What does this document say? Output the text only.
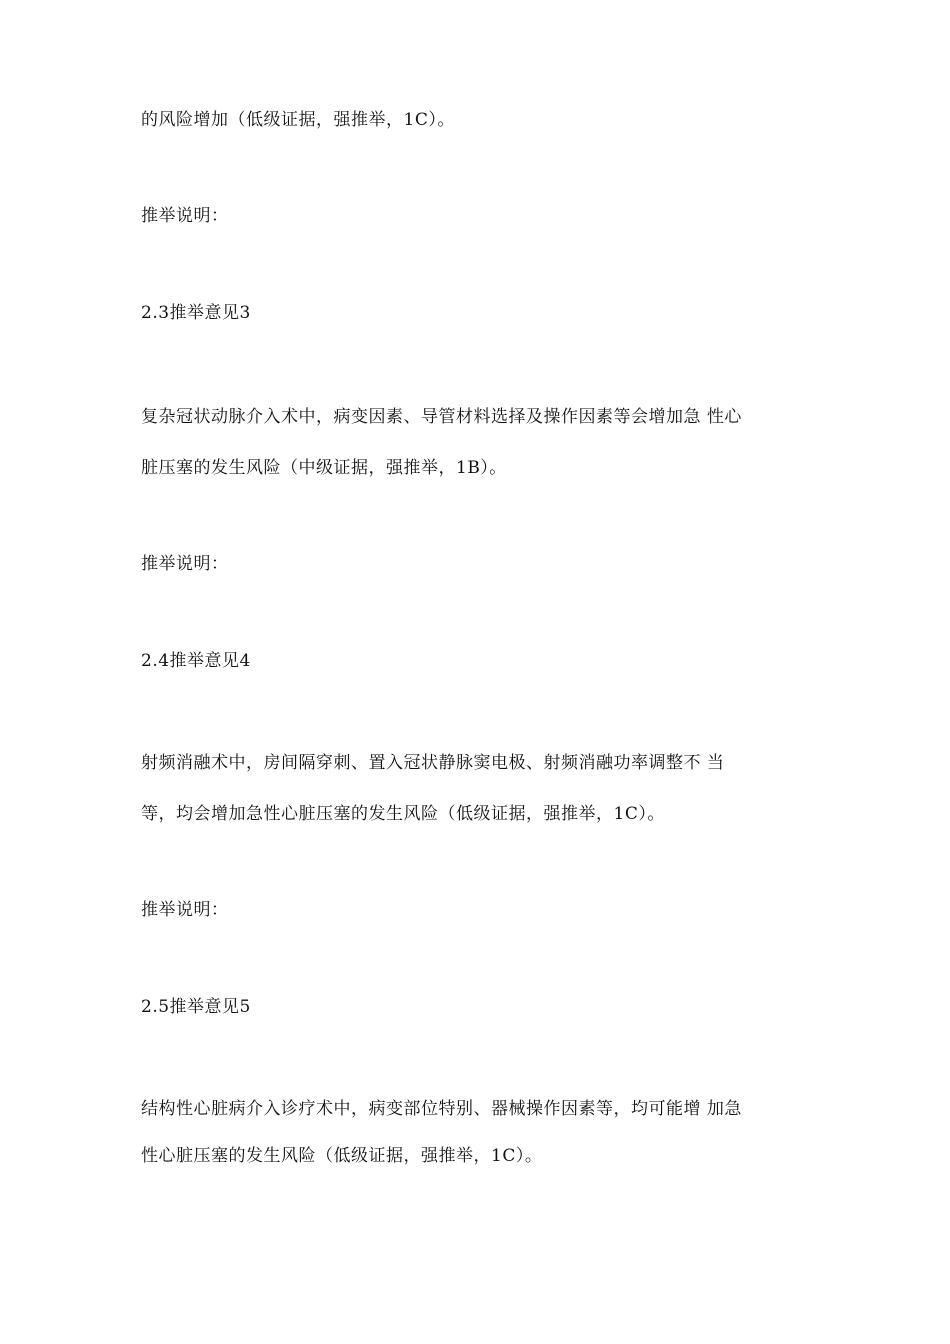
的风险增加（低级证据，强推举，1C）。
推举说明：
2.3推举意见3
复杂冠状动脉介入术中，病变因素、导管材料选择及操作因素等会增加急 性心
脏压塞的发生风险（中级证据，强推举，1B）。
推举说明：
2.4推举意见4
射频消融术中，房间隔穿刺、置入冠状静脉窦电极、射频消融功率调整不 当
等，均会增加急性心脏压塞的发生风险（低级证据，强推举，1C）。
推举说明：
2.5推举意见5
结构性心脏病介入诊疗术中，病变部位特别、器械操作因素等，均可能增 加急
性心脏压塞的发生风险（低级证据，强推举，1C）。
